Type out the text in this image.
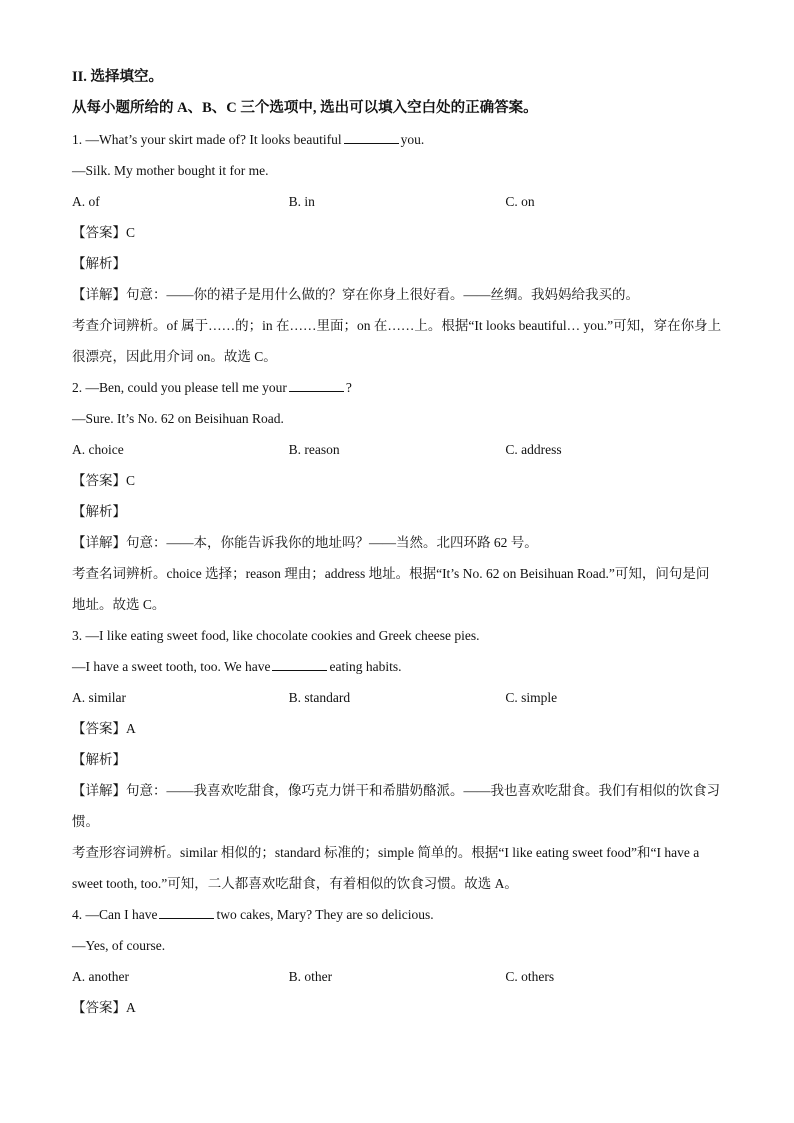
II. 选择填空。
从每小题所给的 A、B、C 三个选项中, 选出可以填入空白处的正确答案。
1. —What’s your skirt made of? It looks beautiful	you.
—Silk. My mother bought it for me.
A. of	B. in	C. on
【答案】C
【解析】
【详解】句意：——你的裙子是用什么做的？穿在你身上很好看。——丝绸。我妈妈给我买的。
考查介词辨析。of 属于……的；in 在……里面；on 在……上。根据“It looks beautiful… you.”可知，穿在你身上很漂亮，因此用介词 on。故选 C。
2. —Ben, could you please tell me your	?
—Sure. It’s No. 62 on Beisihuan Road.
A. choice	B. reason	C. address
【答案】C
【解析】
【详解】句意：——本，你能告诉我你的地址吗？——当然。北四环路 62 号。
考查名词辨析。choice 选择；reason 理由；address 地址。根据“It’s No. 62 on Beisihuan Road.”可知，问句是问地址。故选 C。
3. —I like eating sweet food, like chocolate cookies and Greek cheese pies.
—I have a sweet tooth, too. We have	eating habits.
A. similar	B. standard	C. simple
【答案】A
【解析】
【详解】句意：——我喜欢吃甜食，像巧克力饼干和希腊奶酪派。——我也喜欢吃甜食。我们有相似的饮食习惯。
考查形容词辨析。similar 相似的；standard 标准的；simple 简单的。根据“I like eating sweet food”和“I have a sweet tooth, too.”可知，二人都喜欢吃甜食，有着相似的饮食习惯。故选 A。
4. —Can I have	two cakes, Mary? They are so delicious.
—Yes, of course.
A. another	B. other	C. others
【答案】A
